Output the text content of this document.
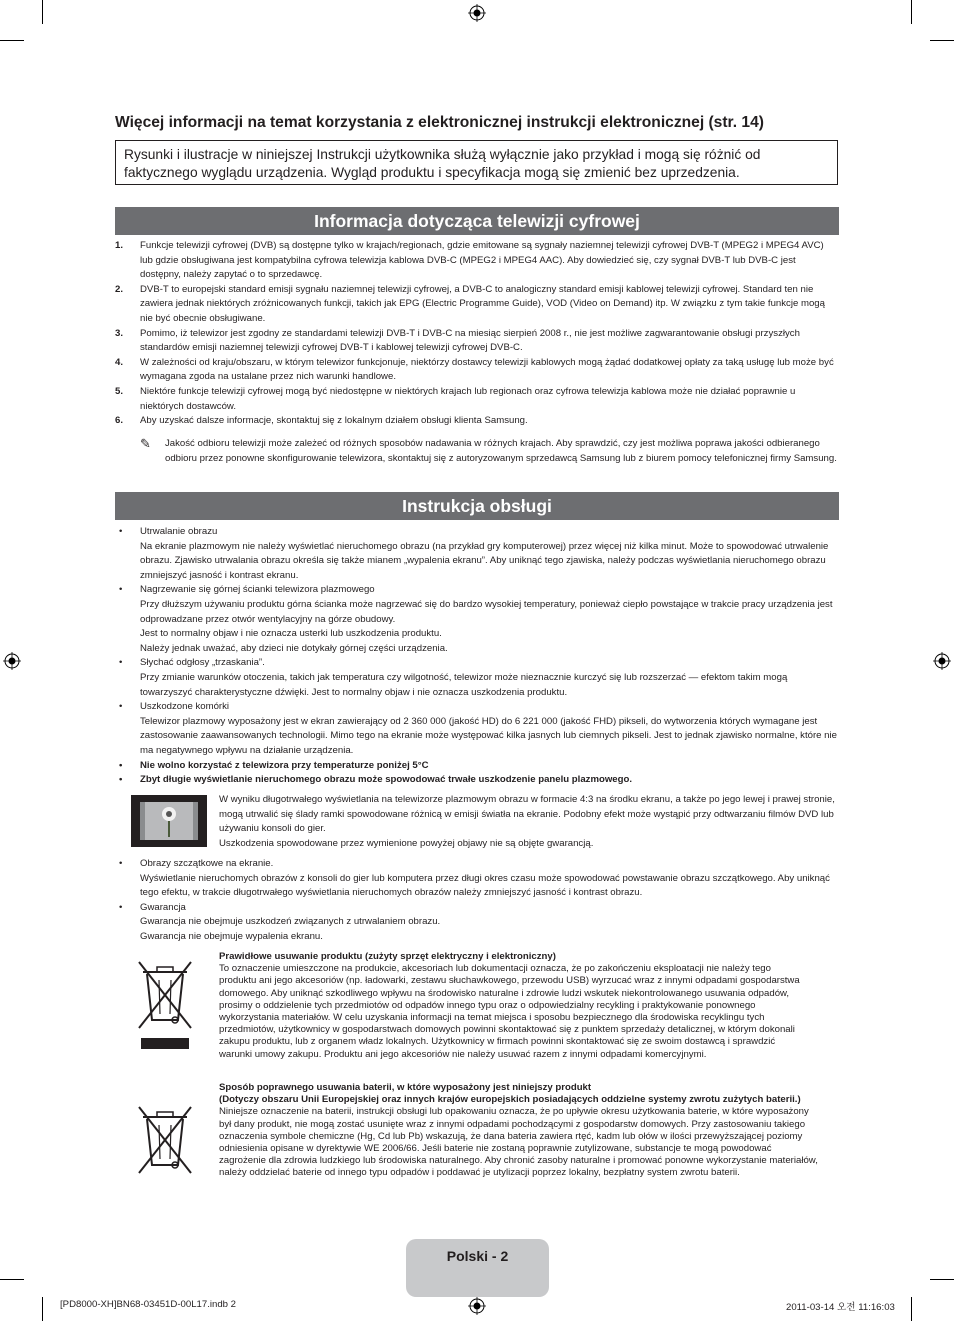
Więcej informacji na temat korzystania z elektronicznej instrukcji elektronicznej (str. 14)
Rysunki i ilustracje w niniejszej Instrukcji użytkownika służą wyłącznie jako przykład i mogą się różnić od faktycznego wyglądu urządzenia. Wygląd produktu i specyfikacja mogą się zmienić bez uprzedzenia.
Informacja dotycząca telewizji cyfrowej
1. Funkcje telewizji cyfrowej (DVB) są dostępne tylko w krajach/regionach, gdzie emitowane są sygnały naziemnej telewizji cyfrowej DVB-T (MPEG2 i MPEG4 AVC) lub gdzie obsługiwana jest kompatybilna cyfrowa telewizja kablowa DVB-C (MPEG2 i MPEG4 AAC). Aby dowiedzieć się, czy sygnał DVB-T lub DVB-C jest dostępny, należy zapytać o to sprzedawcę.
2. DVB-T to europejski standard emisji sygnału naziemnej telewizji cyfrowej, a DVB-C to analogiczny standard emisji kablowej telewizji cyfrowej. Standard ten nie zawiera jednak niektórych zróżnicowanych funkcji, takich jak EPG (Electric Programme Guide), VOD (Video on Demand) itp. W związku z tym takie funkcje mogą nie być obecnie obsługiwane.
3. Pomimo, iż telewizor jest zgodny ze standardami telewizji DVB-T i DVB-C na miesiąc sierpień 2008 r., nie jest możliwe zagwarantowanie obsługi przyszłych standardów emisji naziemnej telewizji cyfrowej DVB-T i kablowej telewizji cyfrowej DVB-C.
4. W zależności od kraju/obszaru, w którym telewizor funkcjonuje, niektórzy dostawcy telewizji kablowych mogą żądać dodatkowej opłaty za taką usługę lub może być wymagana zgoda na ustalane przez nich warunki handlowe.
5. Niektóre funkcje telewizji cyfrowej mogą być niedostępne w niektórych krajach lub regionach oraz cyfrowa telewizja kablowa może nie działać poprawnie u niektórych dostawców.
6. Aby uzyskać dalsze informacje, skontaktuj się z lokalnym działem obsługi klienta Samsung.
✎ Jakość odbioru telewizji może zależeć od różnych sposobów nadawania w różnych krajach. Aby sprawdzić, czy jest możliwa poprawa jakości odbieranego odbioru przez ponowne skonfigurowanie telewizora, skontaktuj się z autoryzowanym sprzedawcą Samsung lub z biurem pomocy telefonicznej firmy Samsung.
Instrukcja obsługi
• Utrwalanie obrazu
Na ekranie plazmowym nie należy wyświetlać nieruchomego obrazu (na przykład gry komputerowej) przez więcej niż kilka minut. Może to spowodować utrwalenie obrazu. Zjawisko utrwalania obrazu określa się także mianem „wypalenia ekranu”. Aby uniknąć tego zjawiska, należy podczas wyświetlania nieruchomego obrazu zmniejszyć jasność i kontrast ekranu.
• Nagrzewanie się górnej ścianki telewizora plazmowego
Przy dłuższym używaniu produktu górna ścianka może nagrzewać się do bardzo wysokiej temperatury, ponieważ ciepło powstające w trakcie pracy urządzenia jest odprowadzane przez otwór wentylacyjny na górze obudowy.
Jest to normalny objaw i nie oznacza usterki lub uszkodzenia produktu.
Należy jednak uważać, aby dzieci nie dotykały górnej części urządzenia.
• Słychać odgłosy „trzaskania”.
Przy zmianie warunków otoczenia, takich jak temperatura czy wilgotność, telewizor może nieznacznie kurczyć się lub rozszerzać — efektom takim mogą towarzyszyć charakterystyczne dźwięki. Jest to normalny objaw i nie oznacza uszkodzenia produktu.
• Uszkodzone komórki
Telewizor plazmowy wyposażony jest w ekran zawierający od 2 360 000 (jakość HD) do 6 221 000 (jakość FHD) pikseli, do wytworzenia których wymagane jest zastosowanie zaawansowanych technologii. Mimo tego na ekranie może występować kilka jasnych lub ciemnych pikseli. Jest to jednak zjawisko normalne, które nie ma negatywnego wpływu na działanie urządzenia.
• Nie wolno korzystać z telewizora przy temperaturze poniżej 5°C
• Zbyt długie wyświetlanie nieruchomego obrazu może spowodować trwałe uszkodzenie panelu plazmowego.
W wyniku długotrwałego wyświetlania na telewizorze plazmowym obrazu w formacie 4:3 na środku ekranu, a także po jego lewej i prawej stronie, mogą utrwalić się ślady ramki spowodowane różnicą w emisji światła na ekranie. Podobny efekt może wystąpić przy odtwarzaniu filmów DVD lub używaniu konsoli do gier.
Uszkodzenia spowodowane przez wymienione powyżej objawy nie są objęte gwarancją.
• Obrazy szczątkowe na ekranie.
Wyświetlanie nieruchomych obrazów z konsoli do gier lub komputera przez długi okres czasu może spowodować powstawanie obrazu szczątkowego. Aby uniknąć tego efektu, w trakcie długotrwałego wyświetlania nieruchomych obrazów należy zmniejszyć jasność i kontrast obrazu.
• Gwarancja
Gwarancja nie obejmuje uszkodzeń związanych z utrwalaniem obrazu.
Gwarancja nie obejmuje wypalenia ekranu.
Prawidłowe usuwanie produktu (zużyty sprzęt elektryczny i elektroniczny)
To oznaczenie umieszczone na produkcie, akcesoriach lub dokumentacji oznacza, że po zakończeniu eksploatacji nie należy tego produktu ani jego akcesoriów (np. ładowarki, zestawu słuchawkowego, przewodu USB) wyrzucać wraz z innymi odpadami gospodarstwa domowego. Aby uniknąć szkodliwego wpływu na środowisko naturalne i zdrowie ludzi wskutek niekontrolowanego usuwania odpadów, prosimy o oddzielenie tych przedmiotów od odpadów innego typu oraz o odpowiedzialny recykling i praktykowanie ponownego wykorzystania materiałów. W celu uzyskania informacji na temat miejsca i sposobu bezpiecznego dla środowiska recyklingu tych przedmiotów, użytkownicy w gospodarstwach domowych powinni skontaktować się z punktem sprzedaży detalicznej, w którym dokonali zakupu produktu, lub z organem władz lokalnych. Użytkownicy w firmach powinni skontaktować się ze swoim dostawcą i sprawdzić warunki umowy zakupu. Produktu ani jego akcesoriów nie należy usuwać razem z innymi odpadami komercyjnymi.
Sposób poprawnego usuwania baterii, w które wyposażony jest niniejszy produkt
(Dotyczy obszaru Unii Europejskiej oraz innych krajów europejskich posiadających oddzielne systemy zwrotu zużytych baterii.)
Niniejsze oznaczenie na baterii, instrukcji obsługi lub opakowaniu oznacza, że po upływie okresu użytkowania baterie, w które wyposażony był dany produkt, nie mogą zostać usunięte wraz z innymi odpadami pochodzącymi z gospodarstw domowych. Przy zastosowaniu takiego oznaczenia symbole chemiczne (Hg, Cd lub Pb) wskazują, że dana bateria zawiera rtęć, kadm lub ołów w ilości przewyższającej poziomy odniesienia opisane w dyrektywie WE 2006/66. Jeśli baterie nie zostaną poprawnie zutylizowane, substancje te mogą powodować zagrożenie dla zdrowia ludzkiego lub środowiska naturalnego. Aby chronić zasoby naturalne i promować ponowne wykorzystanie materiałów, należy oddzielać baterie od innego typu odpadów i poddawać je utylizacji poprzez lokalny, bezpłatny system zwrotu baterii.
Polski - 2
[PD8000-XH]BN68-03451D-00L17.indb 2	2011-03-14 오전 11:16:03
